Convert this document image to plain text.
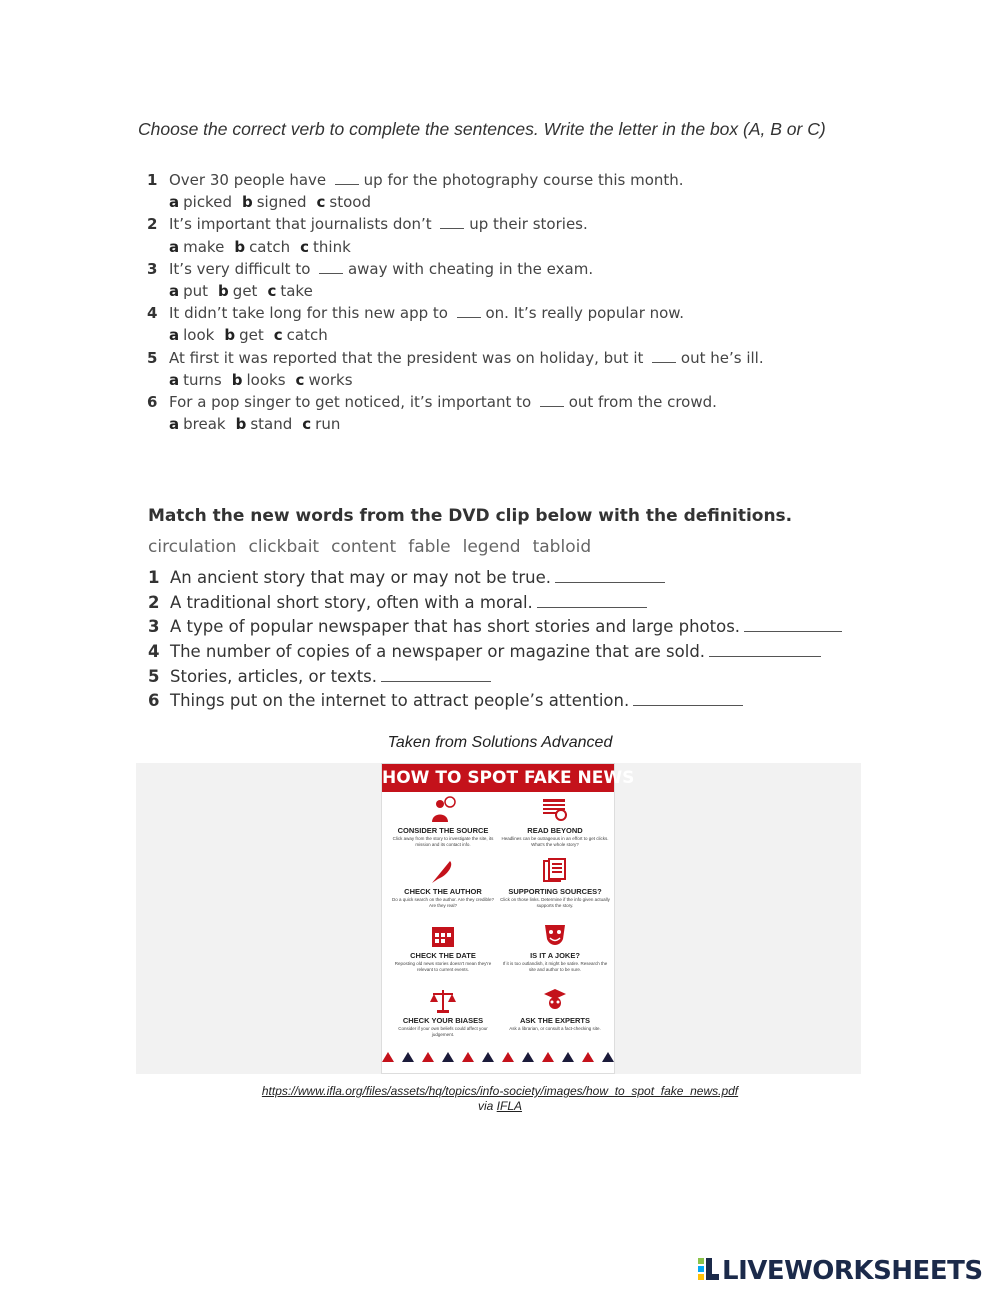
Choose the correct verb to complete the sentences. Write the letter in the box (A, B or C)
1 Over 30 people have  up for the photography course this month.
a picked b signed c stood
2 It’s important that journalists don’t  up their stories.
a make b catch c think
3 It’s very difficult to  away with cheating in the exam.
a put b get c take
4 It didn’t take long for this new app to  on. It’s really popular now.
a look b get c catch
5 At first it was reported that the president was on holiday, but it  out he’s ill.
a turns b looks c works
6 For a pop singer to get noticed, it’s important to  out from the crowd.
a break b stand c run
Match the new words from the DVD clip below with the definitions.
circulation clickbait content fable legend tabloid
1 An ancient story that may or may not be true.
2 A traditional short story, often with a moral.
3 A type of popular newspaper that has short stories and large photos.
4 The number of copies of a newspaper or magazine that are sold.
5 Stories, articles, or texts.
6 Things put on the internet to attract people’s attention.
Taken from Solutions Advanced
HOW TO SPOT FAKE NEWS
CONSIDER THE SOURCE
Click away from the story to investigate the site, its mission and its contact info.
READ BEYOND
Headlines can be outrageous in an effort to get clicks. What's the whole story?
CHECK THE AUTHOR
Do a quick search on the author. Are they credible? Are they real?
SUPPORTING SOURCES?
Click on those links. Determine if the info given actually supports the story.
CHECK THE DATE
Reposting old news stories doesn't mean they're relevant to current events.
IS IT A JOKE?
If it is too outlandish, it might be satire. Research the site and author to be sure.
CHECK YOUR BIASES
Consider if your own beliefs could affect your judgement.
ASK THE EXPERTS
Ask a librarian, or consult a fact-checking site.
https://www.ifla.org/files/assets/hq/topics/info-society/images/how_to_spot_fake_news.pdf
via IFLA
LIVEWORKSHEETS
